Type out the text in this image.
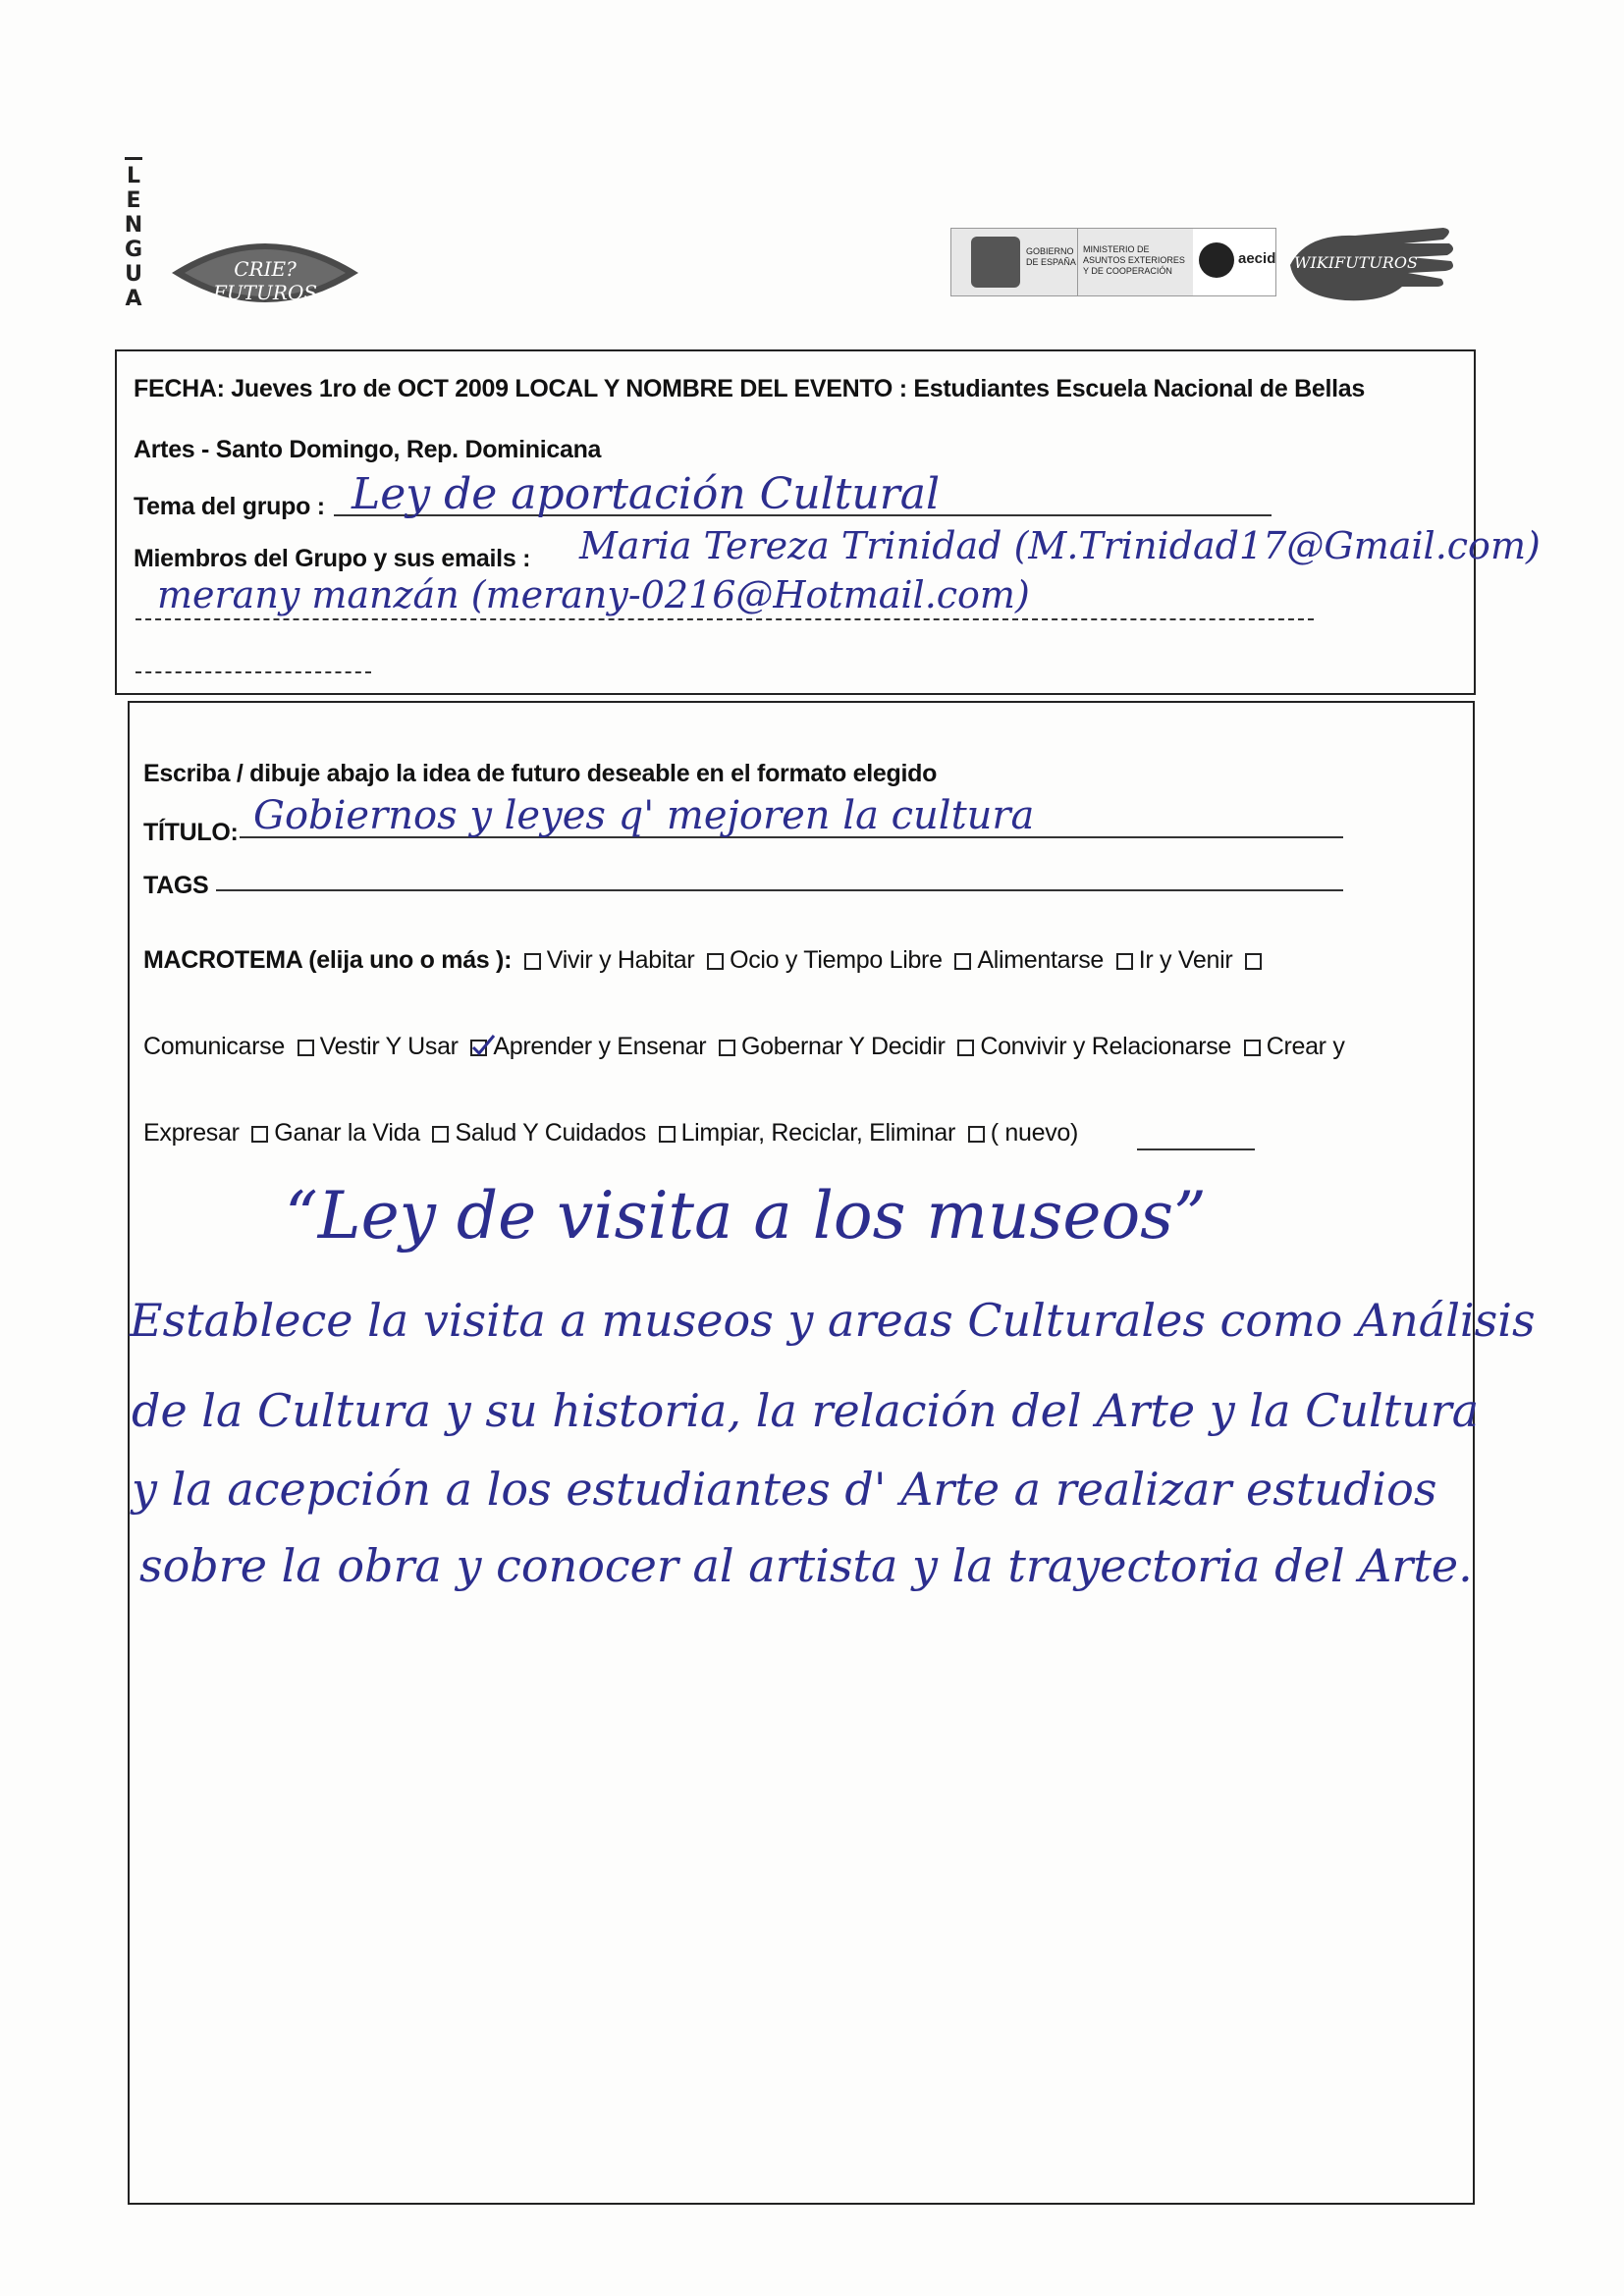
L
E
N
G
U
A
CRIE?FUTUROS
GOBIERNO DE ESPAÑA
MINISTERIO DE ASUNTOS EXTERIORES Y DE COOPERACIÓN
aecid WIKIFUTUROS
FECHA: Jueves 1ro de OCT 2009 LOCAL Y NOMBRE DEL EVENTO : Estudiantes Escuela Nacional de Bellas
Artes - Santo Domingo, Rep. Dominicana
Tema del grupo : Ley de aportación Cultural
Miembros del Grupo y sus emails : Maria Tereza Trinidad (M.Trinidad17@Gmail.com)
merany manzán (merany-0216@Hotmail.com)
Escriba / dibuje abajo la idea de futuro deseable en el formato elegido
TÍTULO: Gobiernos y leyes q' mejoren la cultura
TAGS
MACROTEMA (elija uno o más ): Vivir y Habitar Ocio y Tiempo Libre Alimentarse Ir y Venir
Comunicarse Vestir Y Usar Aprender y Ensenar Gobernar Y Decidir Convivir y Relacionarse Crear y
Expresar Ganar la Vida Salud Y Cuidados Limpiar, Reciclar, Eliminar ( nuevo)
“Ley de visita a los museos”
Establece la visita a museos y areas Culturales como Análisis
de la Cultura y su historia, la relación del Arte y la Cultura
y la acepción a los estudiantes d' Arte a realizar estudios
sobre la obra y conocer al artista y la trayectoria del Arte.
